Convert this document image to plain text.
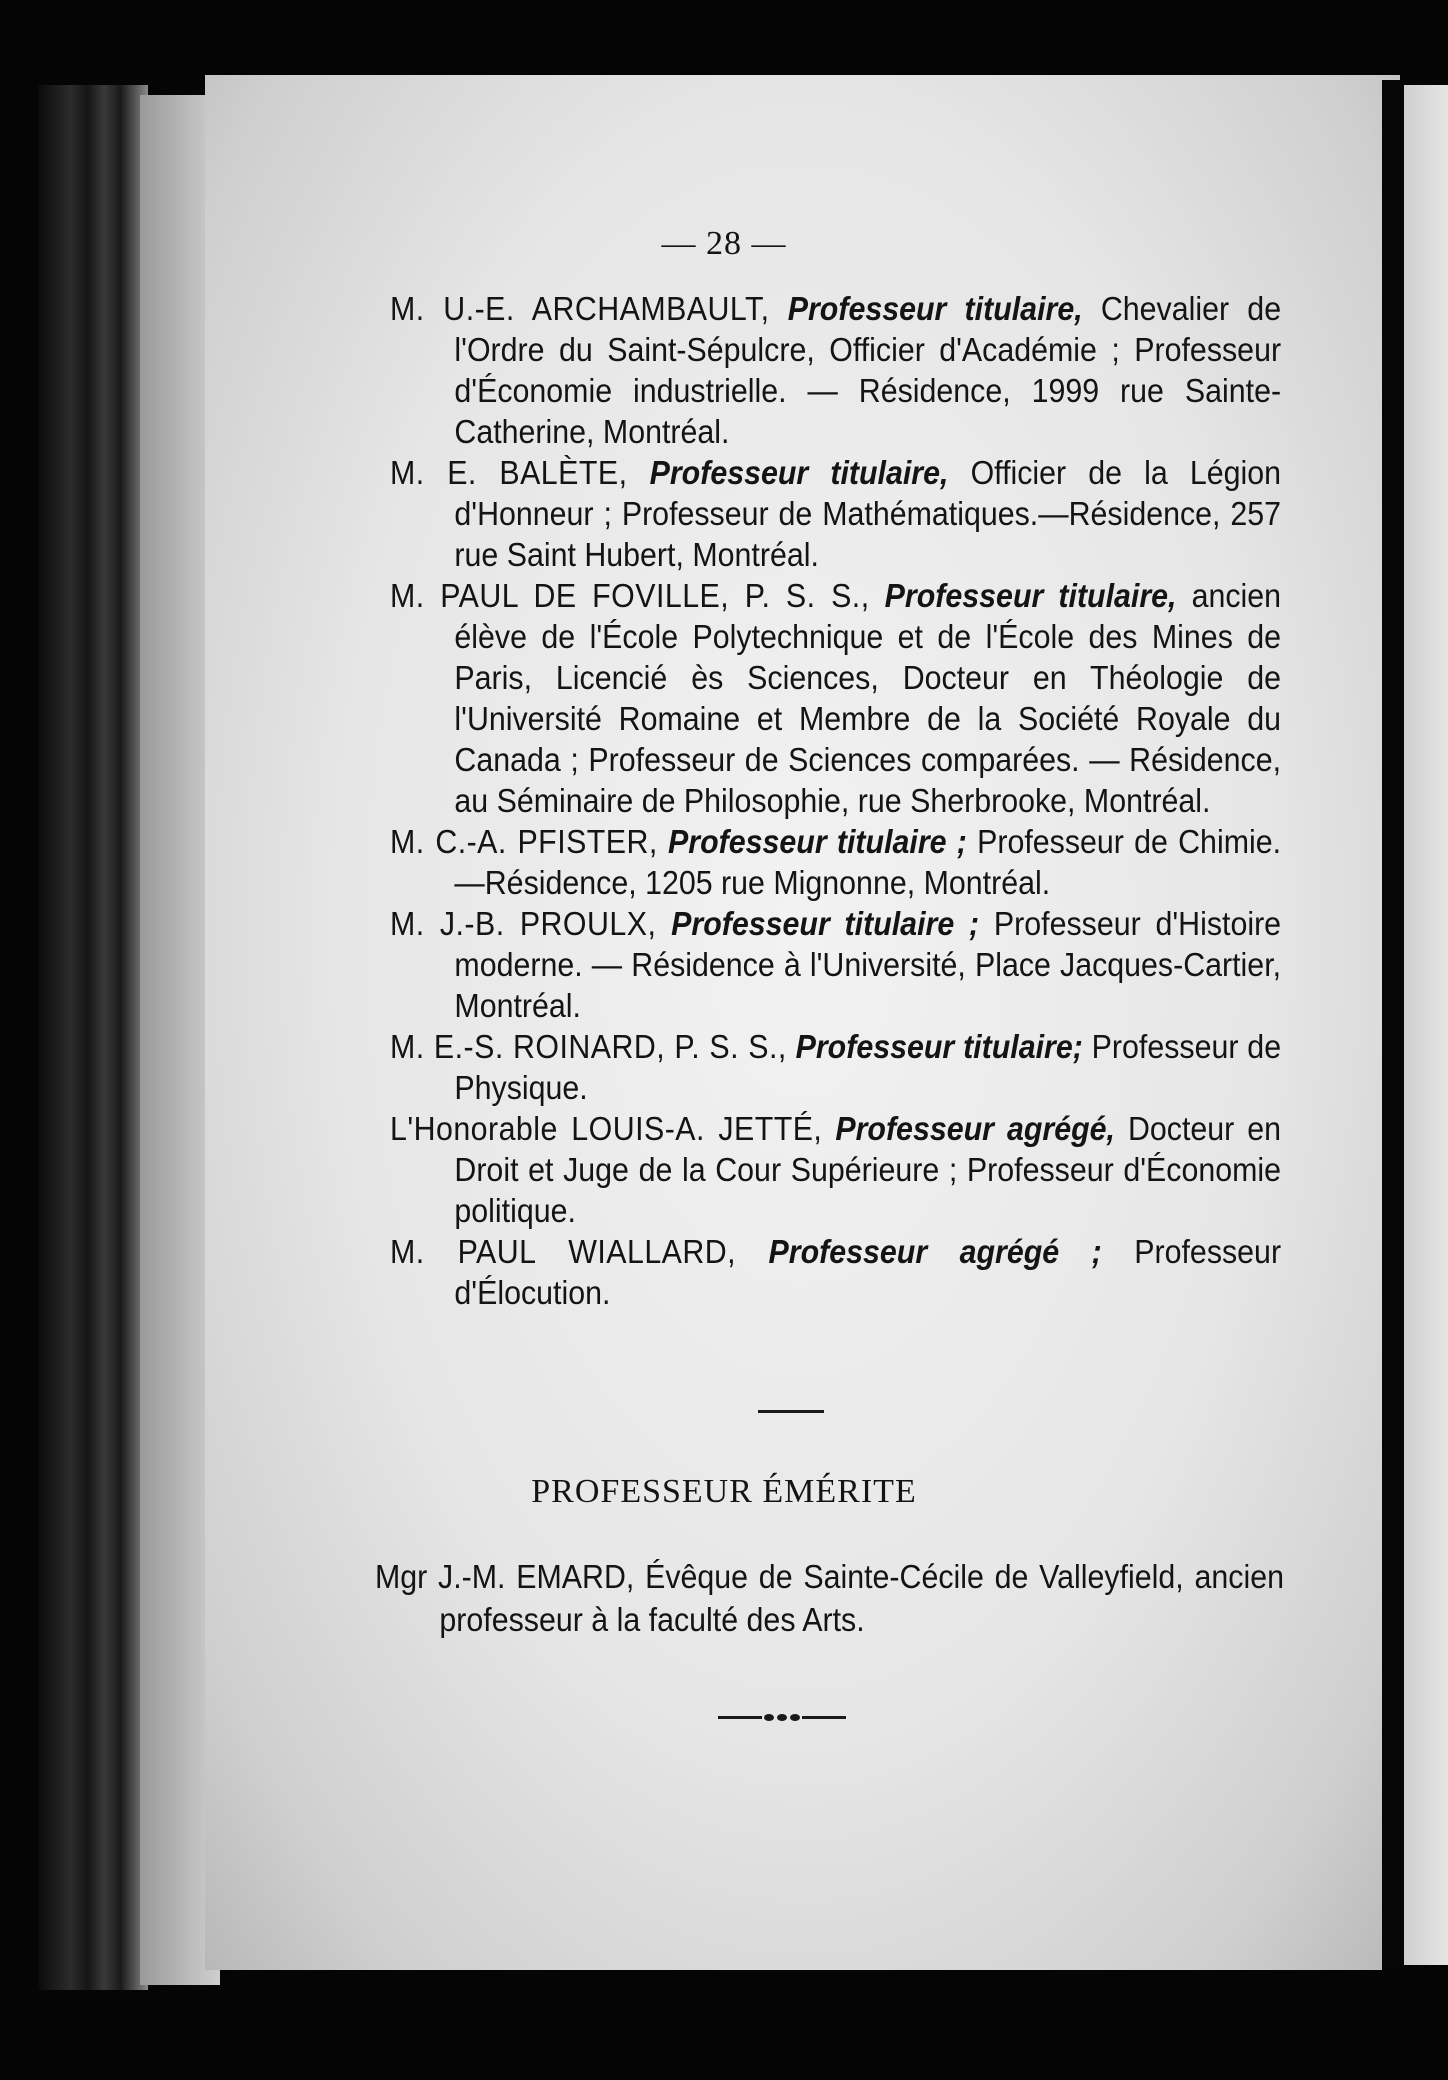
— 28 —

M. U.-E. ARCHAMBAULT, Professeur titulaire, Chevalier de l'Ordre du Saint-Sépulcre, Officier d'Académie ; Professeur d'Économie industrielle. — Résidence, 1999 rue Sainte-Catherine, Montréal.

M. E. BALÈTE, Professeur titulaire, Officier de la Légion d'Honneur ; Professeur de Mathématiques.—Résidence, 257 rue Saint Hubert, Montréal.

M. PAUL DE FOVILLE, P. S. S., Professeur titulaire, ancien élève de l'École Polytechnique et de l'École des Mines de Paris, Licencié ès Sciences, Docteur en Théologie de l'Université Romaine et Membre de la Société Royale du Canada ; Professeur de Sciences comparées. — Résidence, au Séminaire de Philosophie, rue Sherbrooke, Montréal.

M. C.-A. PFISTER, Professeur titulaire ; Professeur de Chimie.—Résidence, 1205 rue Mignonne, Montréal.

M. J.-B. PROULX, Professeur titulaire ; Professeur d'Histoire moderne. — Résidence à l'Université, Place Jacques-Cartier, Montréal.

M. E.-S. ROINARD, P. S. S., Professeur titulaire; Professeur de Physique.

L'Honorable LOUIS-A. JETTÉ, Professeur agrégé, Docteur en Droit et Juge de la Cour Supérieure ; Professeur d'Économie politique.

M. PAUL WIALLARD, Professeur agrégé ; Professeur d'Élocution.

PROFESSEUR ÉMÉRITE

Mgr J.-M. EMARD, Évêque de Sainte-Cécile de Valleyfield, ancien professeur à la faculté des Arts.
